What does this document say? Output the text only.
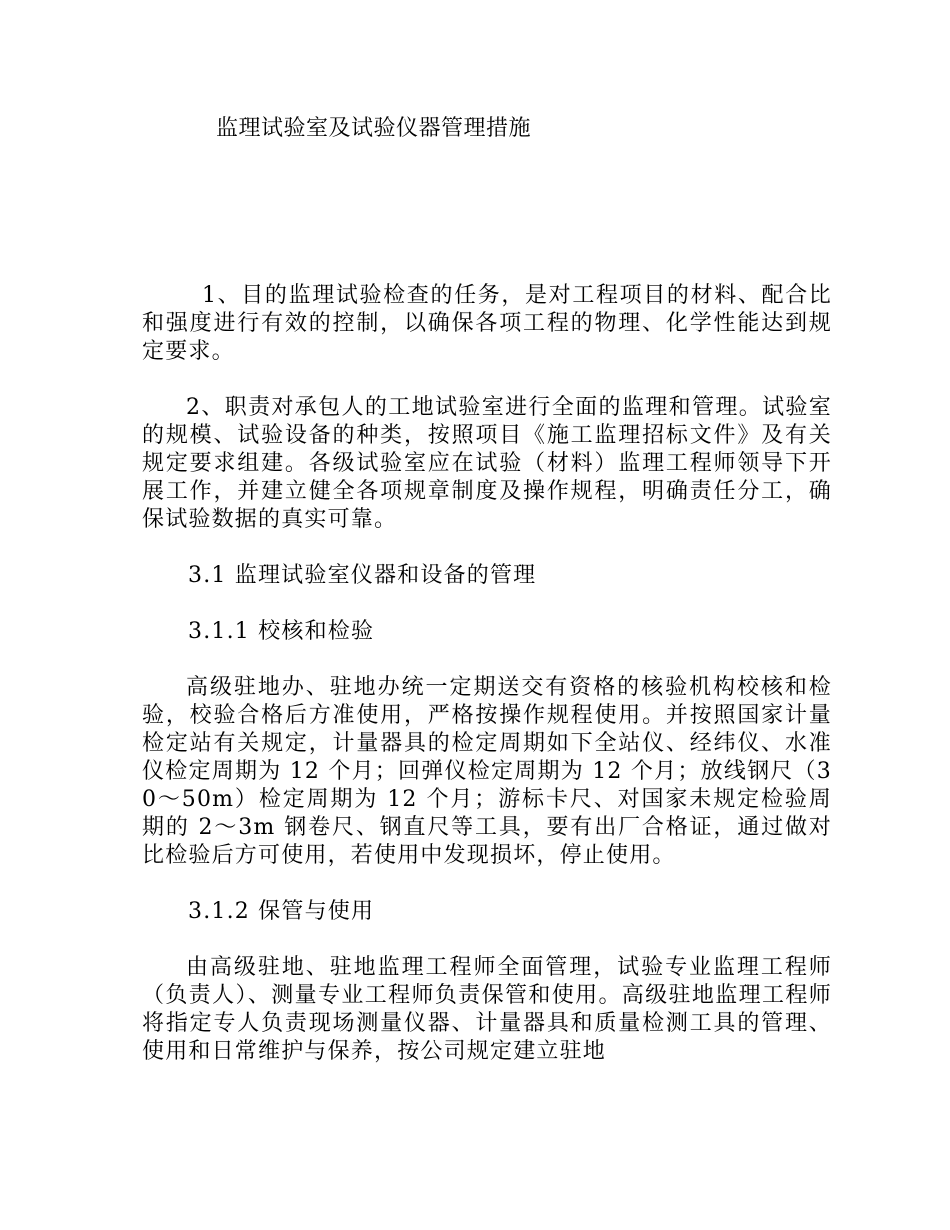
监理试验室及试验仪器管理措施

1、目的监理试验检查的任务，是对工程项目的材料、配合比和强度进行有效的控制，以确保各项工程的物理、化学性能达到规定要求。

2、职责对承包人的工地试验室进行全面的监理和管理。试验室的规模、试验设备的种类，按照项目《施工监理招标文件》及有关规定要求组建。各级试验室应在试验（材料）监理工程师领导下开展工作，并建立健全各项规章制度及操作规程，明确责任分工，确保试验数据的真实可靠。

3.1 监理试验室仪器和设备的管理

3.1.1 校核和检验

高级驻地办、驻地办统一定期送交有资格的核验机构校核和检验，校验合格后方准使用，严格按操作规程使用。并按照国家计量检定站有关规定，计量器具的检定周期如下全站仪、经纬仪、水准仪检定周期为 12 个月；回弹仪检定周期为 12 个月；放线钢尺（30～50m）检定周期为 12 个月；游标卡尺、对国家未规定检验周期的 2～3m 钢卷尺、钢直尺等工具，要有出厂合格证，通过做对比检验后方可使用，若使用中发现损坏，停止使用。

3.1.2 保管与使用

由高级驻地、驻地监理工程师全面管理，试验专业监理工程师（负责人）、测量专业工程师负责保管和使用。高级驻地监理工程师将指定专人负责现场测量仪器、计量器具和质量检测工具的管理、使用和日常维护与保养，按公司规定建立驻地
